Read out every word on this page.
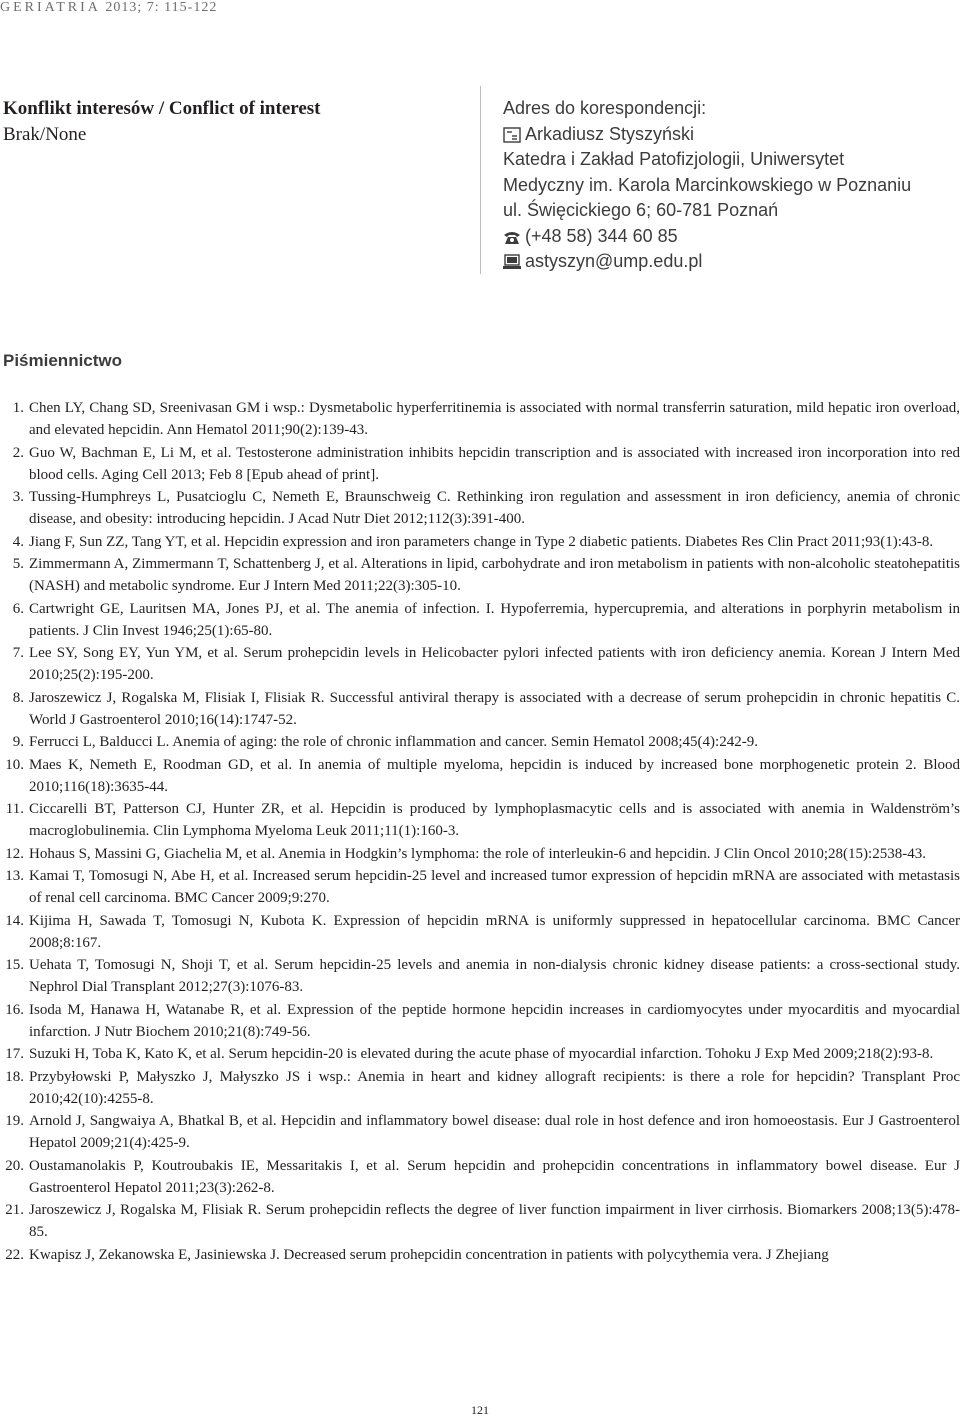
GERIATRIA 2013; 7: 115-122
Konflikt interesów / Conflict of interest
Brak/None
Adres do korespondencji:
Arkadiusz Styszyński
Katedra i Zakład Patofizjologii, Uniwersytet
Medyczny im. Karola Marcinkowskiego w Poznaniu
ul. Święcickiego 6; 60-781 Poznań
(+48 58) 344 60 85
astyszyn@ump.edu.pl
Piśmiennictwo
1. Chen LY, Chang SD, Sreenivasan GM i wsp.: Dysmetabolic hyperferritinemia is associated with normal transferrin saturation, mild hepatic iron overload, and elevated hepcidin. Ann Hematol 2011;90(2):139-43.
2. Guo W, Bachman E, Li M, et al. Testosterone administration inhibits hepcidin transcription and is associated with increased iron incorporation into red blood cells. Aging Cell 2013; Feb 8 [Epub ahead of print].
3. Tussing-Humphreys L, Pusatcioglu C, Nemeth E, Braunschweig C. Rethinking iron regulation and assessment in iron deficiency, anemia of chronic disease, and obesity: introducing hepcidin. J Acad Nutr Diet 2012;112(3):391-400.
4. Jiang F, Sun ZZ, Tang YT, et al. Hepcidin expression and iron parameters change in Type 2 diabetic patients. Diabetes Res Clin Pract 2011;93(1):43-8.
5. Zimmermann A, Zimmermann T, Schattenberg J, et al. Alterations in lipid, carbohydrate and iron metabolism in patients with non-alcoholic steatohepatitis (NASH) and metabolic syndrome. Eur J Intern Med 2011;22(3):305-10.
6. Cartwright GE, Lauritsen MA, Jones PJ, et al. The anemia of infection. I. Hypoferremia, hypercupremia, and alterations in porphyrin metabolism in patients. J Clin Invest 1946;25(1):65-80.
7. Lee SY, Song EY, Yun YM, et al. Serum prohepcidin levels in Helicobacter pylori infected patients with iron deficiency anemia. Korean J Intern Med 2010;25(2):195-200.
8. Jaroszewicz J, Rogalska M, Flisiak I, Flisiak R. Successful antiviral therapy is associated with a decrease of serum prohepcidin in chronic hepatitis C. World J Gastroenterol 2010;16(14):1747-52.
9. Ferrucci L, Balducci L. Anemia of aging: the role of chronic inflammation and cancer. Semin Hematol 2008;45(4):242-9.
10. Maes K, Nemeth E, Roodman GD, et al. In anemia of multiple myeloma, hepcidin is induced by increased bone morphogenetic protein 2. Blood 2010;116(18):3635-44.
11. Ciccarelli BT, Patterson CJ, Hunter ZR, et al. Hepcidin is produced by lymphoplasmacytic cells and is associated with anemia in Waldenström’s macroglobulinemia. Clin Lymphoma Myeloma Leuk 2011;11(1):160-3.
12. Hohaus S, Massini G, Giachelia M, et al. Anemia in Hodgkin’s lymphoma: the role of interleukin-6 and hepcidin. J Clin Oncol 2010;28(15):2538-43.
13. Kamai T, Tomosugi N, Abe H, et al. Increased serum hepcidin-25 level and increased tumor expression of hepcidin mRNA are associated with metastasis of renal cell carcinoma. BMC Cancer 2009;9:270.
14. Kijima H, Sawada T, Tomosugi N, Kubota K. Expression of hepcidin mRNA is uniformly suppressed in hepatocellular carcinoma. BMC Cancer 2008;8:167.
15. Uehata T, Tomosugi N, Shoji T, et al. Serum hepcidin-25 levels and anemia in non-dialysis chronic kidney disease patients: a cross-sectional study. Nephrol Dial Transplant 2012;27(3):1076-83.
16. Isoda M, Hanawa H, Watanabe R, et al. Expression of the peptide hormone hepcidin increases in cardiomyocytes under myocarditis and myocardial infarction. J Nutr Biochem 2010;21(8):749-56.
17. Suzuki H, Toba K, Kato K, et al. Serum hepcidin-20 is elevated during the acute phase of myocardial infarction. Tohoku J Exp Med 2009;218(2):93-8.
18. Przybyłowski P, Małyszko J, Małyszko JS i wsp.: Anemia in heart and kidney allograft recipients: is there a role for hepcidin? Transplant Proc 2010;42(10):4255-8.
19. Arnold J, Sangwaiya A, Bhatkal B, et al. Hepcidin and inflammatory bowel disease: dual role in host defence and iron homoeostasis. Eur J Gastroenterol Hepatol 2009;21(4):425-9.
20. Oustamanolakis P, Koutroubakis IE, Messaritakis I, et al. Serum hepcidin and prohepcidin concentrations in inflammatory bowel disease. Eur J Gastroenterol Hepatol 2011;23(3):262-8.
21. Jaroszewicz J, Rogalska M, Flisiak R. Serum prohepcidin reflects the degree of liver function impairment in liver cirrhosis. Biomarkers 2008;13(5):478-85.
22. Kwapisz J, Zekanowska E, Jasiniewska J. Decreased serum prohepcidin concentration in patients with polycythemia vera. J Zhejiang
121
